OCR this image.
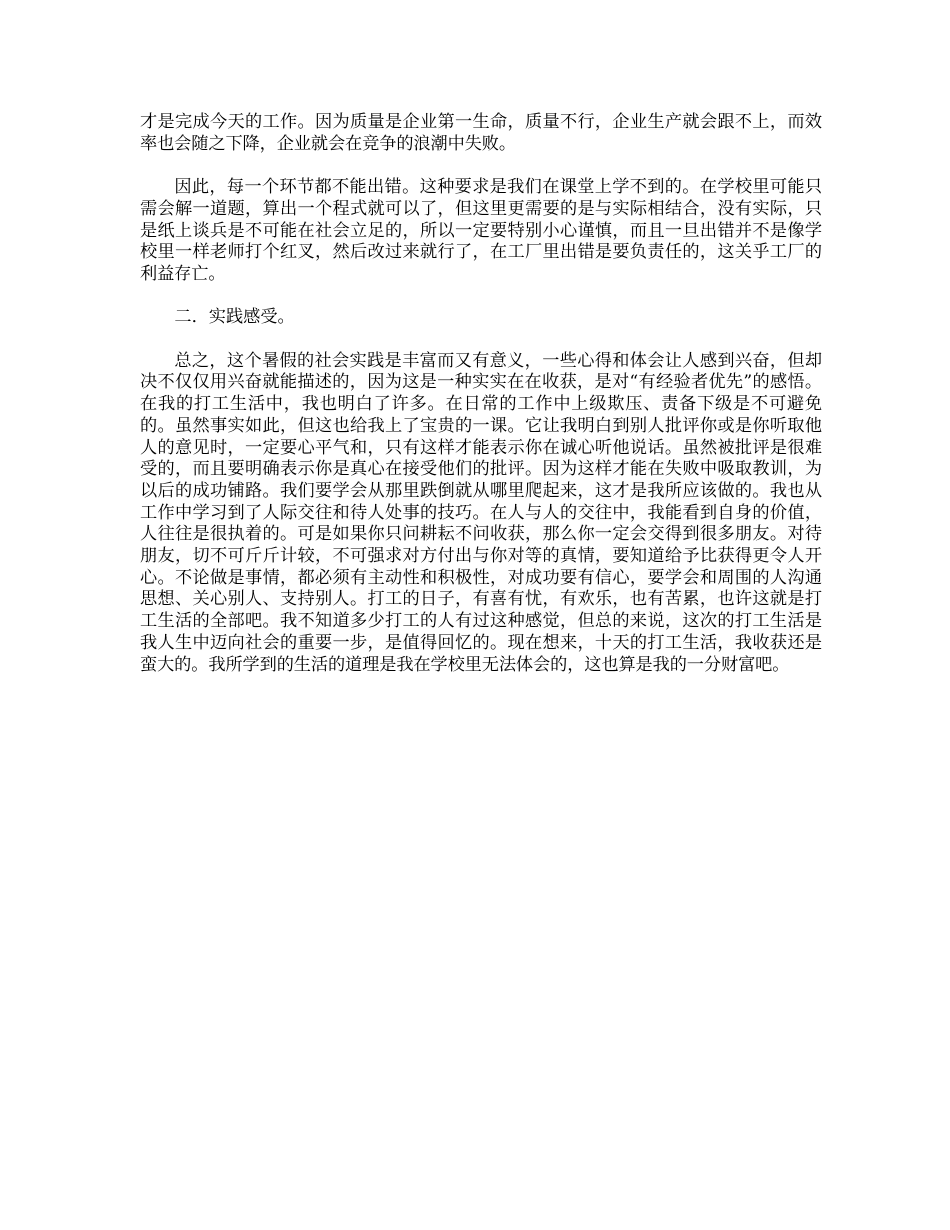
才是完成今天的工作。因为质量是企业第一生命，质量不行，企业生产就会跟不上，而效率也会随之下降，企业就会在竞争的浪潮中失败。

因此，每一个环节都不能出错。这种要求是我们在课堂上学不到的。在学校里可能只需会解一道题，算出一个程式就可以了，但这里更需要的是与实际相结合，没有实际，只是纸上谈兵是不可能在社会立足的，所以一定要特别小心谨慎，而且一旦出错并不是像学校里一样老师打个红叉，然后改过来就行了，在工厂里出错是要负责任的，这关乎工厂的利益存亡。

二．实践感受。

总之，这个暑假的社会实践是丰富而又有意义，一些心得和体会让人感到兴奋，但却决不仅仅用兴奋就能描述的，因为这是一种实实在在收获，是对“有经验者优先”的感悟。在我的打工生活中，我也明白了许多。在日常的工作中上级欺压、责备下级是不可避免的。虽然事实如此，但这也给我上了宝贵的一课。它让我明白到别人批评你或是你听取他人的意见时，一定要心平气和，只有这样才能表示你在诚心听他说话。虽然被批评是很难受的，而且要明确表示你是真心在接受他们的批评。因为这样才能在失败中吸取教训，为以后的成功铺路。我们要学会从那里跌倒就从哪里爬起来，这才是我所应该做的。我也从工作中学习到了人际交往和待人处事的技巧。在人与人的交往中，我能看到自身的价值，人往往是很执着的。可是如果你只问耕耘不问收获，那么你一定会交得到很多朋友。对待朋友，切不可斤斤计较，不可强求对方付出与你对等的真情，要知道给予比获得更令人开心。不论做是事情，都必须有主动性和积极性，对成功要有信心，要学会和周围的人沟通思想、关心别人、支持别人。打工的日子，有喜有忧，有欢乐，也有苦累，也许这就是打工生活的全部吧。我不知道多少打工的人有过这种感觉，但总的来说，这次的打工生活是我人生中迈向社会的重要一步，是值得回忆的。现在想来，十天的打工生活，我收获还是蛮大的。我所学到的生活的道理是我在学校里无法体会的，这也算是我的一分财富吧。
